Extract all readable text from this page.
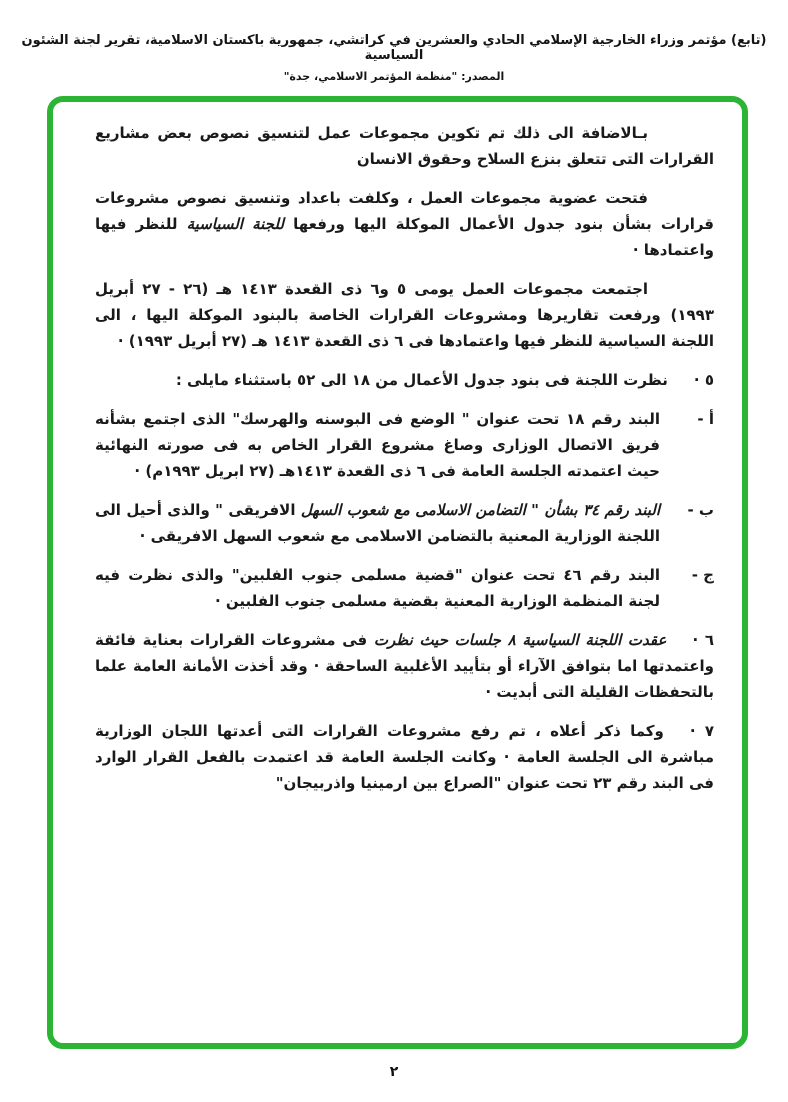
(تابع) مؤتمر وزراء الخارجية الإسلامي الحادي والعشرين في كراتشي، جمهورية باكستان الاسلامية، تقرير لجنة الشئون السياسية
المصدر: "منظمة المؤتمر الاسلامي، جدة"
بـالاضافة الى ذلك تم تكوين مجموعات عمل لتنسيق نصوص بعض مشاريع القرارات التى تتعلق بنزع السلاح وحقوق الانسان
فتحت عضوية مجموعات العمل ، وكلفت باعداد وتنسيق نصوص مشروعات قرارات بشأن بنود جدول الأعمال الموكلة اليها ورفعها للجنة السياسية للنظر فيها واعتمادها ·
اجتمعت مجموعات العمل يومى ٥ و٦ ذى القعدة ١٤١٣ هـ (٢٦ - ٢٧ أبريل ١٩٩٣) ورفعت تقاريرها ومشروعات القرارات الخاصة بالبنود الموكلة اليها ، الى اللجنة السياسية للنظر فيها واعتمادها فى ٦ ذى القعدة ١٤١٣ هـ (٢٧ أبريل ١٩٩٣) ·
٥ ·نظرت اللجنة فى بنود جدول الأعمال من ١٨ الى ٥٢ باستثناء مايلى :
أ -
البند رقم ١٨ تحت عنوان " الوضع فى البوسنه والهرسك" الذى اجتمع بشأنه فريق الاتصال الوزارى وصاغ مشروع القرار الخاص به فى صورته النهائية حيث اعتمدته الجلسة العامة فى ٦ ذى القعدة ١٤١٣هـ (٢٧ ابريل ١٩٩٣م) ·
ب -
البند رقم ٣٤ بشأن " التضامن الاسلامى مع شعوب السهل الافريقى " والذى أحيل الى اللجنة الوزارية المعنية بالتضامن الاسلامى مع شعوب السهل الافريقى ·
ج -
البند رقم ٤٦ تحت عنوان "قضية مسلمى جنوب الفلبين" والذى نظرت فيه لجنة المنظمة الوزارية المعنية بقضية مسلمى جنوب الفلبين ·
٦ ·عقدت اللجنة السياسية ٨ جلسات حيث نظرت فى مشروعات القرارات بعناية فائقة واعتمدتها اما بتوافق الآراء أو بتأييد الأغلبية الساحقة · وقد أخذت الأمانة العامة علما بالتحفظات القليلة التى أبديت ·
٧ ·وكما ذكر أعلاه ، تم رفع مشروعات القرارات التى أعدتها اللجان الوزارية مباشرة الى الجلسة العامة · وكانت الجلسة العامة قد اعتمدت بالفعل القرار الوارد فى البند رقم ٢٣ تحت عنوان "الصراع بين ارمينيا واذربيجان"
٢
